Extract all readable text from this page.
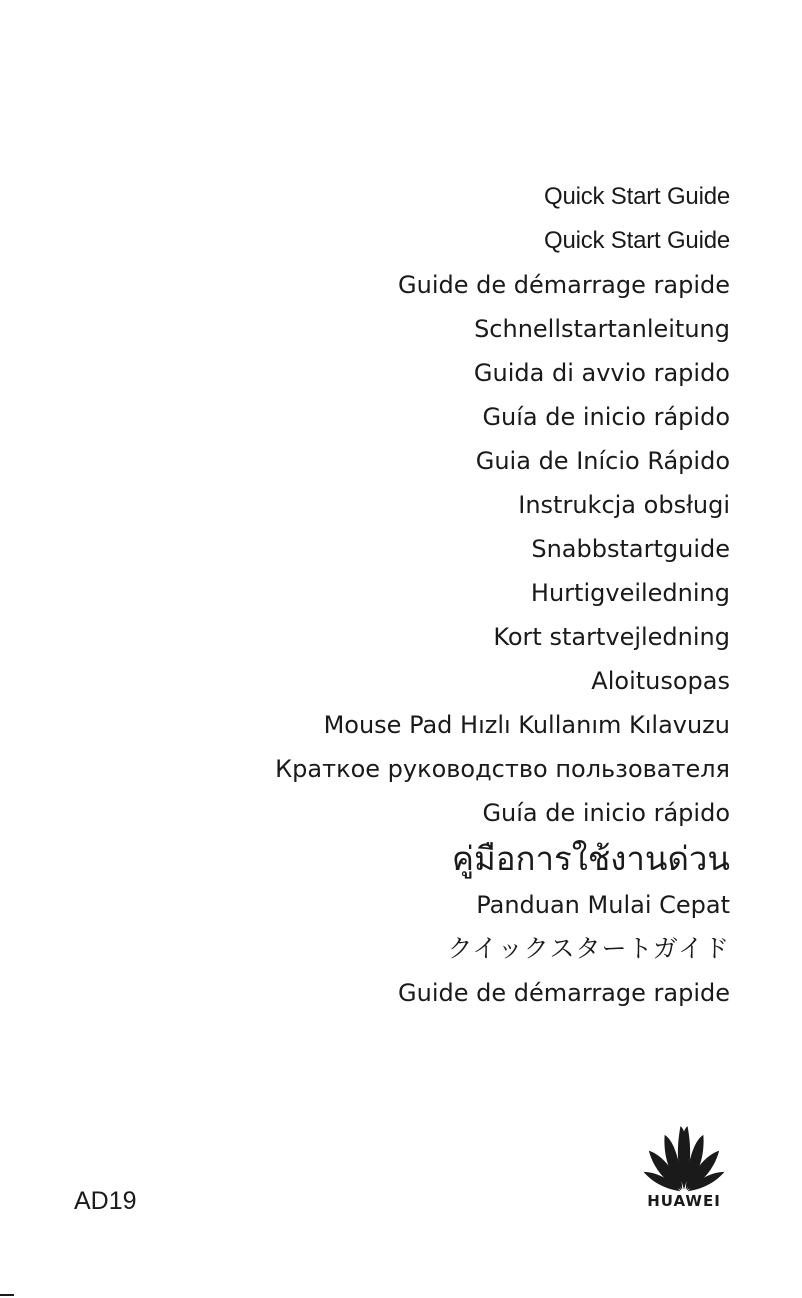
Quick Start Guide
Quick Start Guide
Guide de démarrage rapide
Schnellstartanleitung
Guida di avvio rapido
Guía de inicio rápido
Guia de Início Rápido
Instrukcja obsługi
Snabbstartguide
Hurtigveiledning
Kort startvejledning
Aloitusopas
Mouse Pad Hızlı Kullanım Kılavuzu
Краткое руководство пользователя
Guía de inicio rápido
คู่มือการใช้งานด่วน
Panduan Mulai Cepat
クイックスタートガイド
Guide de démarrage rapide
AD19	HUAWEI
